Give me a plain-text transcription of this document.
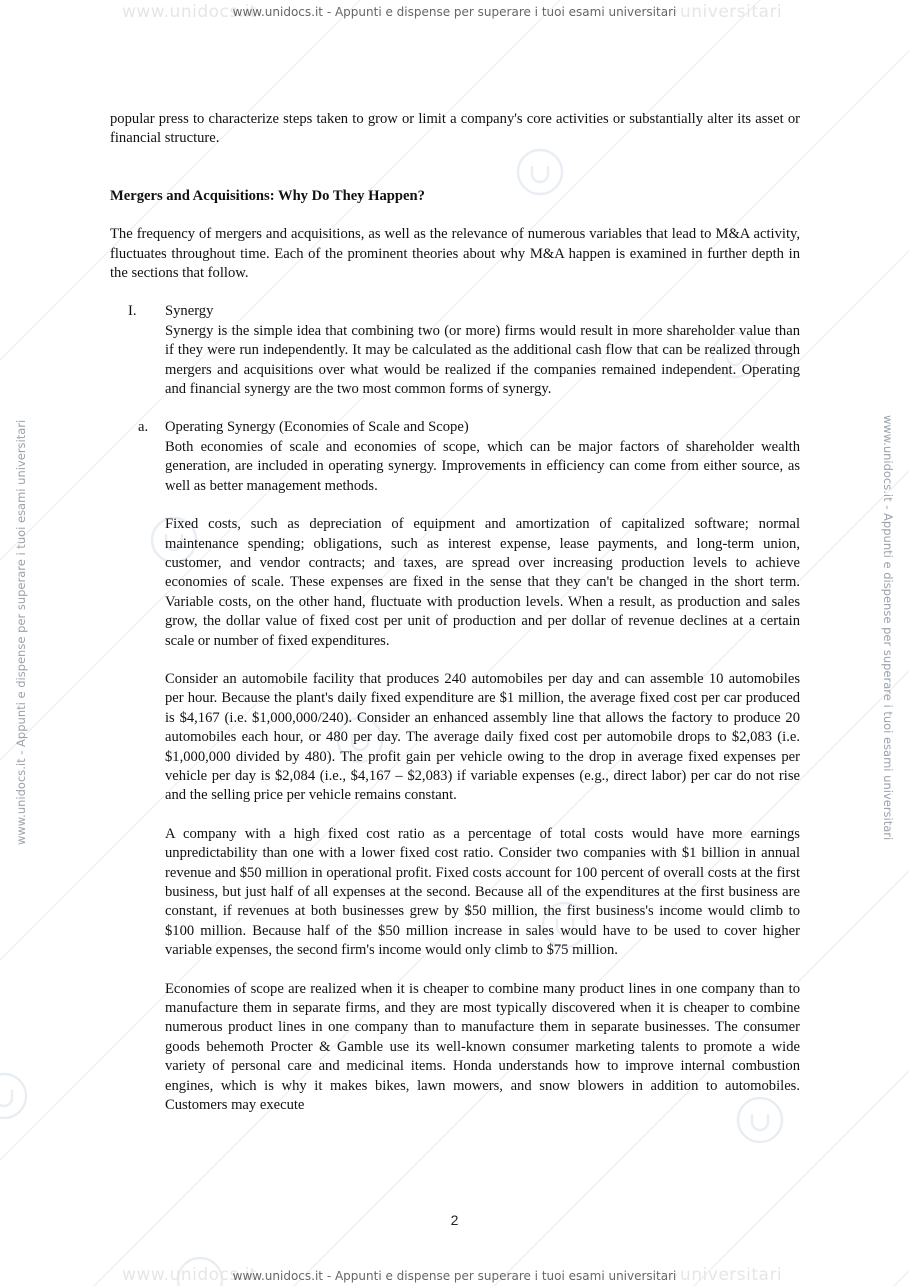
www.unidocs.it	universitari
www.unidocs.it	universitari
www.unidocs.it - Appunti e dispense per superare i tuoi esami universitari
www.unidocs.it - Appunti e dispense per superare i tuoi esami universitari
www.unidocs.it - Appunti e dispense per superare i tuoi esami universitari	www.unidocs.it - Appunti e dispense per superare i tuoi esami universitari

popular press to characterize steps taken to grow or limit a company's core activities or substantially alter its asset or financial structure.

Mergers and Acquisitions: Why Do They Happen?

The frequency of mergers and acquisitions, as well as the relevance of numerous variables that lead to M&A activity, fluctuates throughout time. Each of the prominent theories about why M&A happen is examined in further depth in the sections that follow.

I. Synergy

Synergy is the simple idea that combining two (or more) firms would result in more shareholder value than if they were run independently. It may be calculated as the additional cash flow that can be realized through mergers and acquisitions over what would be realized if the companies remained independent. Operating and financial synergy are the two most common forms of synergy.

a. Operating Synergy (Economies of Scale and Scope)

Both economies of scale and economies of scope, which can be major factors of shareholder wealth generation, are included in operating synergy. Improvements in efficiency can come from either source, as well as better management methods.

Fixed costs, such as depreciation of equipment and amortization of capitalized software; normal maintenance spending; obligations, such as interest expense, lease payments, and long-term union, customer, and vendor contracts; and taxes, are spread over increasing production levels to achieve economies of scale. These expenses are fixed in the sense that they can't be changed in the short term. Variable costs, on the other hand, fluctuate with production levels. When a result, as production and sales grow, the dollar value of fixed cost per unit of production and per dollar of revenue declines at a certain scale or number of fixed expenditures.

Consider an automobile facility that produces 240 automobiles per day and can assemble 10 automobiles per hour. Because the plant's daily fixed expenditure are $1 million, the average fixed cost per car produced is $4,167 (i.e. $1,000,000/240). Consider an enhanced assembly line that allows the factory to produce 20 automobiles each hour, or 480 per day. The average daily fixed cost per automobile drops to $2,083 (i.e. $1,000,000 divided by 480). The profit gain per vehicle owing to the drop in average fixed expenses per vehicle per day is $2,084 (i.e., $4,167 – $2,083) if variable expenses (e.g., direct labor) per car do not rise and the selling price per vehicle remains constant.

A company with a high fixed cost ratio as a percentage of total costs would have more earnings unpredictability than one with a lower fixed cost ratio. Consider two companies with $1 billion in annual revenue and $50 million in operational profit. Fixed costs account for 100 percent of overall costs at the first business, but just half of all expenses at the second. Because all of the expenditures at the first business are constant, if revenues at both businesses grew by $50 million, the first business's income would climb to $100 million. Because half of the $50 million increase in sales would have to be used to cover higher variable expenses, the second firm's income would only climb to $75 million.

Economies of scope are realized when it is cheaper to combine many product lines in one company than to manufacture them in separate firms, and they are most typically discovered when it is cheaper to combine numerous product lines in one company than to manufacture them in separate businesses. The consumer goods behemoth Procter & Gamble use its well-known consumer marketing talents to promote a wide variety of personal care and medicinal items. Honda understands how to improve internal combustion engines, which is why it makes bikes, lawn mowers, and snow blowers in addition to automobiles. Customers may execute

2
